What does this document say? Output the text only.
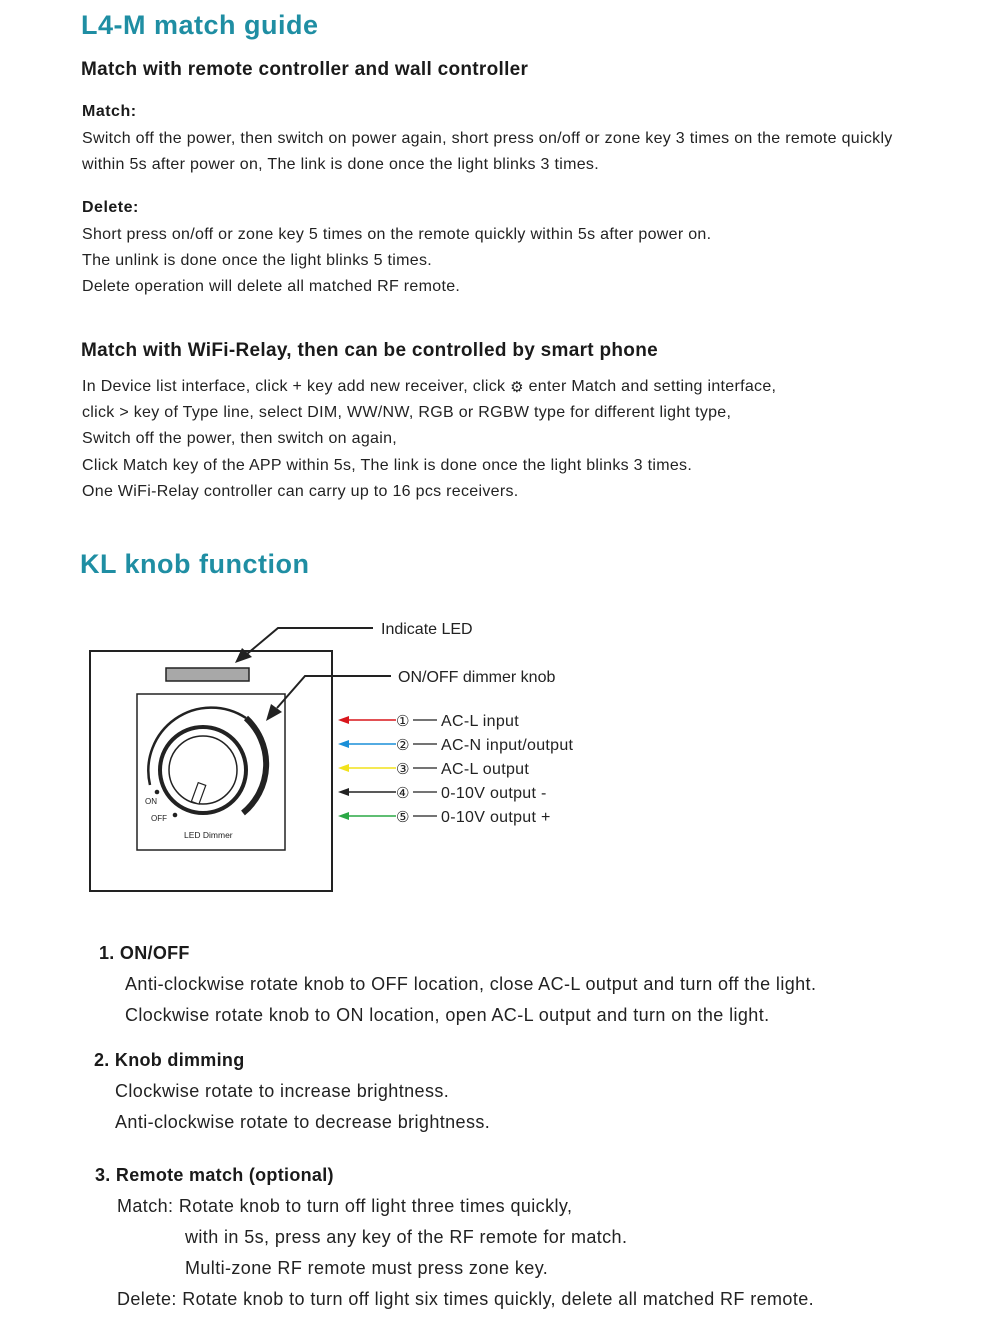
L4-M match guide
Match with remote controller and wall controller
Match:
Switch off the power, then switch on power again, short press on/off or zone key 3 times on the remote quickly
within 5s after power on, The link is done once the light blinks 3 times.
Delete:
Short press on/off or zone key 5 times on the remote quickly within 5s after power on.
The unlink is done once the light blinks 5 times.
Delete operation will delete all matched RF remote.
Match with WiFi-Relay, then can be controlled by smart phone
In Device list interface, click + key add new receiver, click ⚙ enter Match and setting interface,
click > key of Type line, select DIM, WW/NW, RGB or RGBW type for different light type,
Switch off the power, then switch on again,
Click Match key of the APP within 5s, The link is done once the light blinks 3 times.
One WiFi-Relay controller can carry up to 16 pcs receivers.
KL knob function
ON
OFF
LED Dimmer
Indicate LED
ON/OFF dimmer knob
① AC-L input
② AC-N input/output
③ AC-L output
④ 0-10V output -
⑤ 0-10V output +
1. ON/OFF
Anti-clockwise rotate knob to OFF location, close AC-L output and turn off the light.
Clockwise rotate knob to ON location, open AC-L output and turn on the light.
2. Knob dimming
Clockwise rotate to increase brightness.
Anti-clockwise rotate to decrease brightness.
3. Remote match (optional)
Match: Rotate knob to turn off light three times quickly,
with in 5s, press any key of the RF remote for match.
Multi-zone RF remote must press zone key.
Delete: Rotate knob to turn off light six times quickly, delete all matched RF remote.
